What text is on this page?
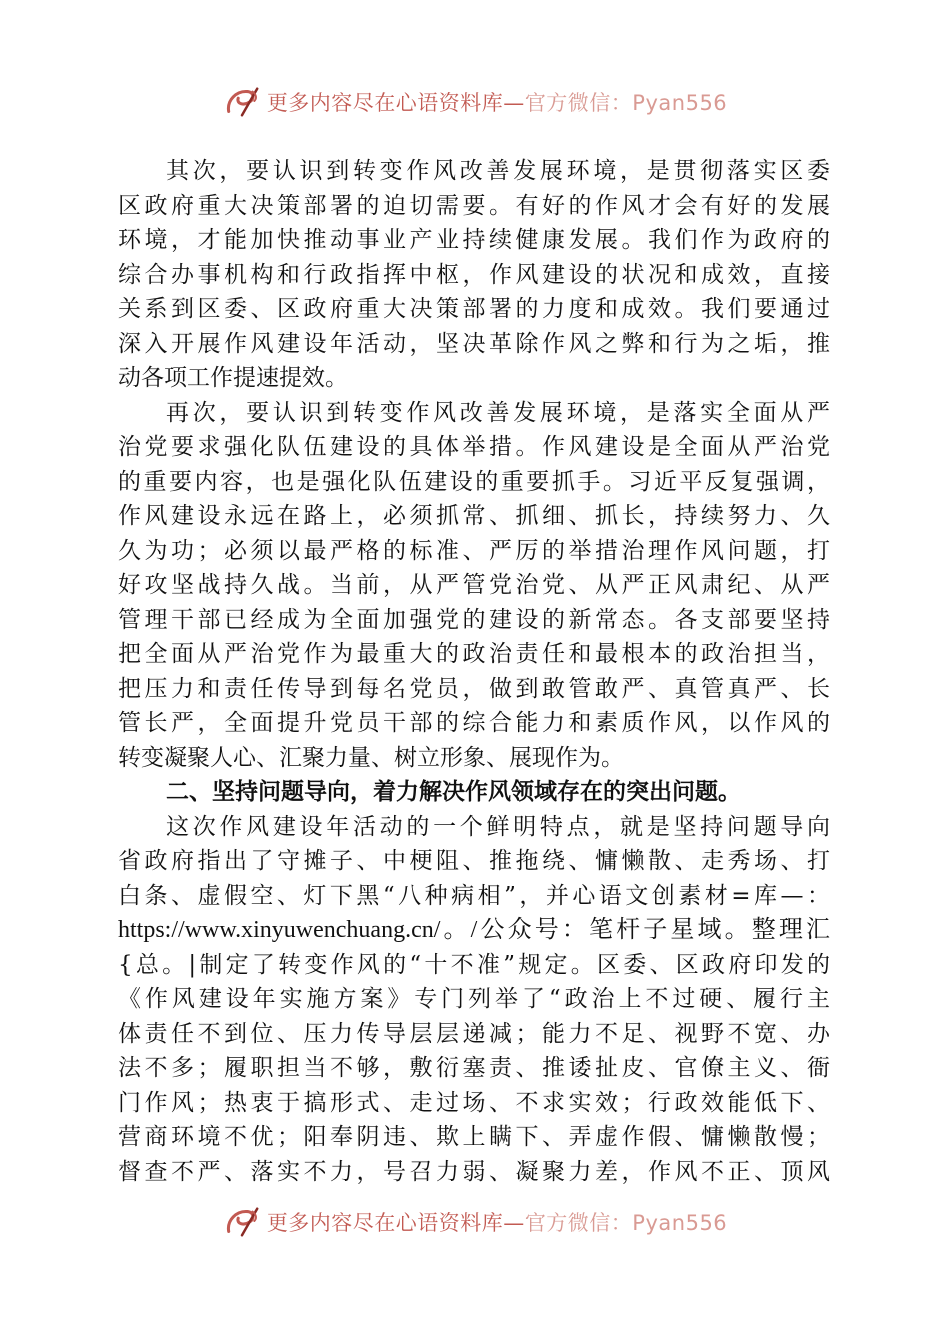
更多内容尽在心语资料库—官方微信：Pyan556
其次，要认识到转变作风改善发展环境，是贯彻落实区委
区政府重大决策部署的迫切需要。有好的作风才会有好的发展
环境，才能加快推动事业产业持续健康发展。我们作为政府的
综合办事机构和行政指挥中枢，作风建设的状况和成效，直接
关系到区委、区政府重大决策部署的力度和成效。我们要通过
深入开展作风建设年活动，坚决革除作风之弊和行为之垢，推
动各项工作提速提效。
再次，要认识到转变作风改善发展环境，是落实全面从严
治党要求强化队伍建设的具体举措。作风建设是全面从严治党
的重要内容，也是强化队伍建设的重要抓手。习近平反复强调，
作风建设永远在路上，必须抓常、抓细、抓长，持续努力、久
久为功；必须以最严格的标准、严厉的举措治理作风问题，打
好攻坚战持久战。当前，从严管党治党、从严正风肃纪、从严
管理干部已经成为全面加强党的建设的新常态。各支部要坚持
把全面从严治党作为最重大的政治责任和最根本的政治担当，
把压力和责任传导到每名党员，做到敢管敢严、真管真严、长
管长严，全面提升党员干部的综合能力和素质作风，以作风的
转变凝聚人心、汇聚力量、树立形象、展现作为。
二、坚持问题导向，着力解决作风领域存在的突出问题。
这次作风建设年活动的一个鲜明特点，就是坚持问题导向
省政府指出了守摊子、中梗阻、推拖绕、慵懒散、走秀场、打
白条、虚假空、灯下黑“八种病相”，并心语文创素材=库—：
https://www.xinyuwenchuang.cn/。/公众号：笔杆子星域。整理汇
{总。|制定了转变作风的“十不准”规定。区委、区政府印发的
《作风建设年实施方案》专门列举了“政治上不过硬、履行主
体责任不到位、压力传导层层递减；能力不足、视野不宽、办
法不多；履职担当不够，敷衍塞责、推诿扯皮、官僚主义、衙
门作风；热衷于搞形式、走过场、不求实效；行政效能低下、
营商环境不优；阳奉阴违、欺上瞒下、弄虚作假、慵懒散慢；
督查不严、落实不力，号召力弱、凝聚力差，作风不正、顶风
更多内容尽在心语资料库—官方微信：Pyan556
